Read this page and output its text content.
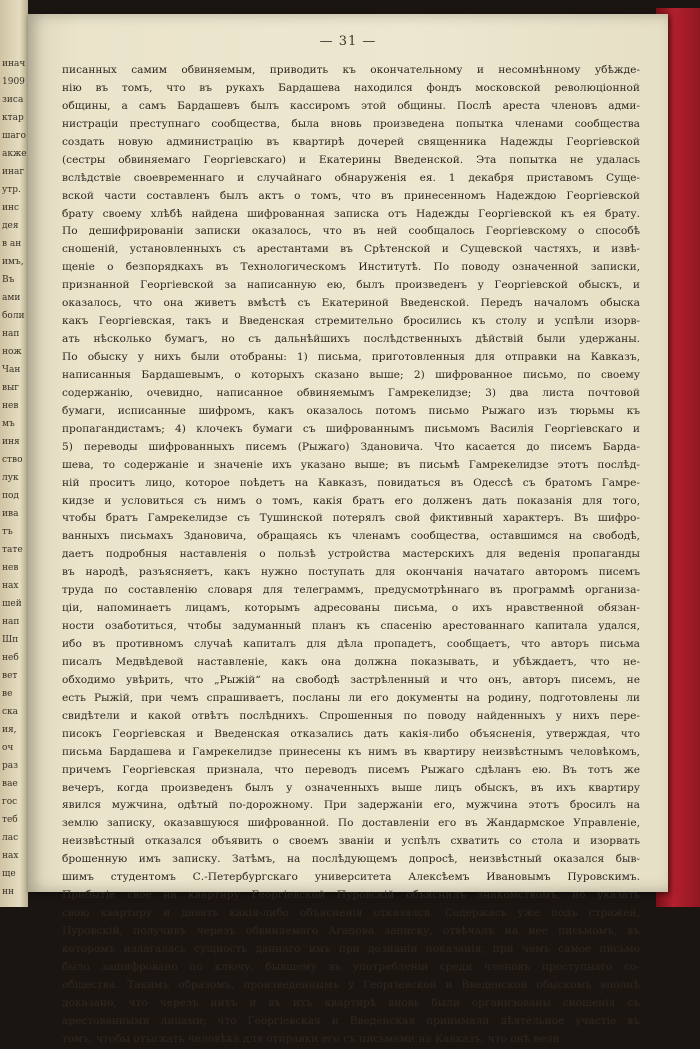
инач
1909
зиса
ктар
шаго
акже
инаг
утр.
инс
дея
в ан
имъ,
Въ
ами
боли
нап
нож
Чан
выг
нев
мъ
иня
ство
лук
под
ива
тъ
тате
нев
нах
шей
нап
Шп
неб
вет
ве
ска
ия,
оч
раз
вае
гос
теб
лас
нах
ще
нн
— 31 —
писанных самим обвиняемым, приводить къ окончательному и несомнѣнному убѣжде-
нію въ томъ, что въ рукахъ Бардашева находился фондъ московской революціонной
общины, а самъ Бардашевъ былъ кассиромъ этой общины. Послѣ ареста членовъ адми-
нистраціи преступнаго сообщества, была вновь произведена попытка членами сообщества
создать новую администрацію въ квартирѣ дочерей священника Надежды Георгіевской
(сестры обвиняемаго Георгіевскаго) и Екатерины Введенской. Эта попытка не удалась
вслѣдствіе своевременнаго и случайнаго обнаруженія ея. 1 декабря приставомъ Суще-
вской части составленъ былъ актъ о томъ, что въ принесенномъ Надеждою Георгіевской
брату своему хлѣбѣ найдена шифрованная записка отъ Надежды Георгіевской къ ея брату.
По дешифрированіи записки оказалось, что въ ней сообщалось Георгіевскому о способѣ
сношеній, установленныхъ съ арестантами въ Срѣтенской и Сущевской частяхъ, и извѣ-
щеніе о безпорядкахъ въ Технологическомъ Институтѣ. По поводу означенной записки,
признанной Георгіевской за написанную ею, былъ произведенъ у Георгіевской обыскъ, и
оказалось, что она живетъ вмѣстѣ съ Екатериной Введенской. Передъ началомъ обыска
какъ Георгіевская, такъ и Введенская стремительно бросились къ столу и успѣли изорв-
ать нѣсколько бумагъ, но съ дальнѣйшихъ послѣдственныхъ дѣйствій были удержаны.
По обыску у нихъ были отобраны: 1) письма, приготовленныя для отправки на Кавказъ,
написанныя Бардашевымъ, о которыхъ сказано выше; 2) шифрованное письмо, по своему
содержанію, очевидно, написанное обвиняемымъ Гамрекелидзе; 3) два листа почтовой
бумаги, исписанные шифромъ, какъ оказалось потомъ письмо Рыжаго изъ тюрьмы къ
пропагандистамъ; 4) клочекъ бумаги съ шифрованнымъ письмомъ Василія Георгіевскаго и
5) переводы шифрованныхъ писемъ (Рыжаго) Здановича. Что касается до писемъ Барда-
шева, то содержаніе и значеніе ихъ указано выше; въ письмѣ Гамрекелидзе этотъ послѣд-
ній проситъ лицо, которое поѣдетъ на Кавказъ, повидаться въ Одессѣ съ братомъ Гамре-
кидзе и условиться съ нимъ о томъ, какія братъ его долженъ дать показанія для того,
чтобы братъ Гамрекелидзе съ Тушинской потерялъ свой фиктивный характеръ. Въ шифро-
ванныхъ письмахъ Здановича, обращаясь къ членамъ сообщества, оставшимся на свободѣ,
даетъ подробныя наставленія о пользѣ устройства мастерскихъ для веденія пропаганды
въ народѣ, разъясняетъ, какъ нужно поступать для окончанія начатаго авторомъ писемъ
труда по составленію словаря для телеграммъ, предусмотрѣннаго въ программѣ организа-
ціи, напоминаетъ лицамъ, которымъ адресованы письма, о ихъ нравственной обязан-
ности озаботиться, чтобы задуманный планъ къ спасенію арестованнаго капитала удался,
ибо въ противномъ случаѣ капиталъ для дѣла пропадетъ, сообщаетъ, что авторъ письма
писалъ Медвѣдевой наставленіе, какъ она должна показывать, и убѣждаетъ, что не-
обходимо увѣрить, что „Рыжій“ на свободѣ застрѣленный и что онъ, авторъ писемъ, не
есть Рыжій, при чемъ спрашиваетъ, посланы ли его документы на родину, подготовлены ли
свидѣтели и какой отвѣтъ послѣднихъ. Спрошенныя по поводу найденныхъ у нихъ пере-
писокъ Георгіевская и Введенская отказались дать какія-либо объясненія, утверждая, что
письма Бардашева и Гамрекелидзе принесены къ нимъ въ квартиру неизвѣстнымъ человѣкомъ,
причемъ Георгіевская признала, что переводъ писемъ Рыжаго сдѣланъ ею. Въ тотъ же
вечеръ, когда произведенъ былъ у означенныхъ выше лицъ обыскъ, въ ихъ квартиру
явился мужчина, одѣтый по-дорожному. При задержаніи его, мужчина этотъ бросилъ на
землю записку, оказавшуюся шифрованной. По доставленіи его въ Жандармское Управленіе,
неизвѣстный отказался объявить о своемъ званіи и успѣлъ схватить со стола и изорвать
брошенную имъ записку. Затѣмъ, на послѣдующемъ допросѣ, неизвѣстный оказался быв-
шимъ студентомъ С.-Петербургскаго университета Алексѣемъ Ивановымъ Пуровскимъ.
Прибытіе свое на квартиру Георгіевской Пуровскій объяснилъ знакомствомъ, но указать
свою квартиру и давать какія-либо объясненія отказался. Содержась уже подъ стражей,
Пуровскій, получивъ черезъ обвиняемаго Агапова записку, отвѣчалъ на нее письмомъ, въ
которомъ излагалась сущность даннаго имъ при дознаніи показанія, при чемъ самое письмо
было зашифровано по ключу, бывшему въ употребленіи среди членовъ преступнаго со-
общества. Такимъ образомъ, произведеннымъ у Георгіевской и Введенской обыскомъ вполнѣ
доказано, что черезъ нихъ и въ ихъ квартирѣ вновь были организованы сношенія съ
арестованными лицами; что Георгіевская и Введенская принимали дѣятельное участіе въ
томъ, чтобы отыскать человѣка для отправки его съ письмами на Кавказъ, что онѣ вели
